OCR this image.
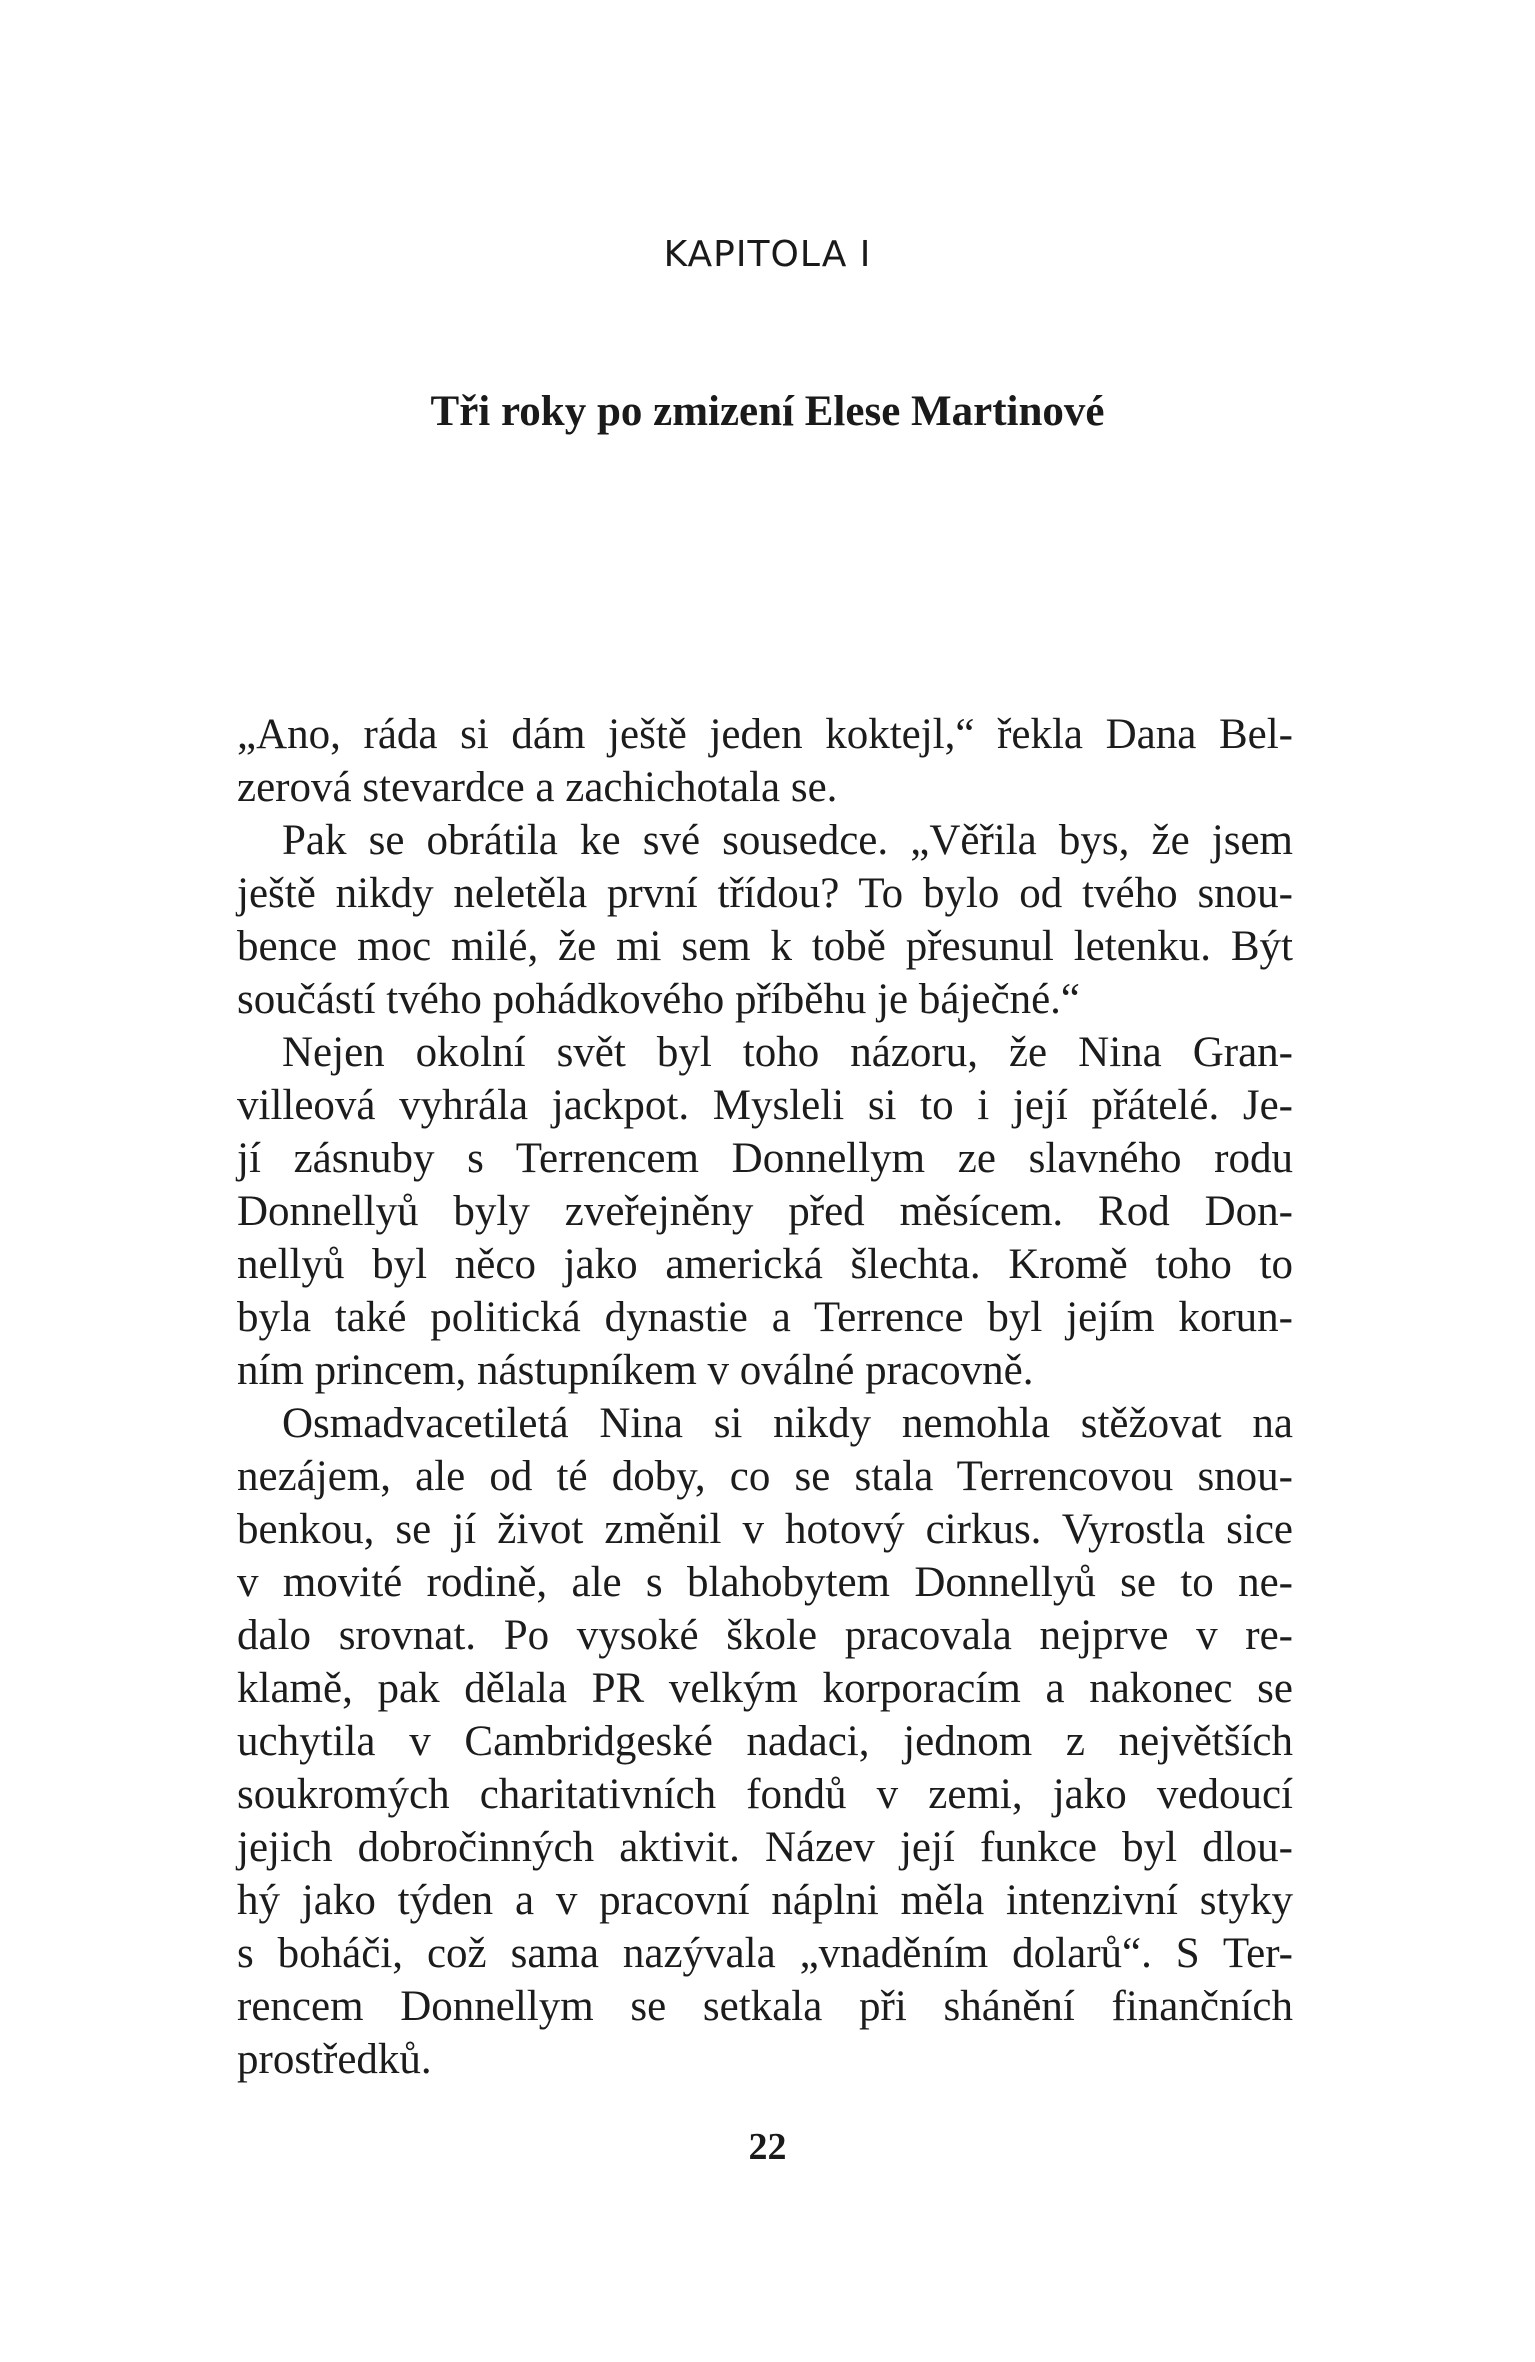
KAPITOLA I
Tři roky po zmizení Elese Martinové
„Ano, ráda si dám ještě jeden koktejl,“ řekla Dana Bel-
zerová stevardce a zachichotala se.
Pak se obrátila ke své sousedce. „Věřila bys, že jsem
ještě nikdy neletěla první třídou? To bylo od tvého snou-
bence moc milé, že mi sem k tobě přesunul letenku. Být
součástí tvého pohádkového příběhu je báječné.“
Nejen okolní svět byl toho názoru, že Nina Gran-
villeová vyhrála jackpot. Mysleli si to i její přátelé. Je-
jí zásnuby s Terrencem Donnellym ze slavného rodu
Donnellyů byly zveřejněny před měsícem. Rod Don-
nellyů byl něco jako americká šlechta. Kromě toho to
byla také politická dynastie a Terrence byl jejím korun-
ním princem, nástupníkem v oválné pracovně.
Osmadvacetiletá Nina si nikdy nemohla stěžovat na
nezájem, ale od té doby, co se stala Terrencovou snou-
benkou, se jí život změnil v hotový cirkus. Vyrostla sice
v movité rodině, ale s blahobytem Donnellyů se to ne-
dalo srovnat. Po vysoké škole pracovala nejprve v re-
klamě, pak dělala PR velkým korporacím a nakonec se
uchytila v Cambridgeské nadaci, jednom z největších
soukromých charitativních fondů v zemi, jako vedoucí
jejich dobročinných aktivit. Název její funkce byl dlou-
hý jako týden a v pracovní náplni měla intenzivní styky
s boháči, což sama nazývala „vnaděním dolarů“. S Ter-
rencem Donnellym se setkala při shánění finančních
prostředků.
22
